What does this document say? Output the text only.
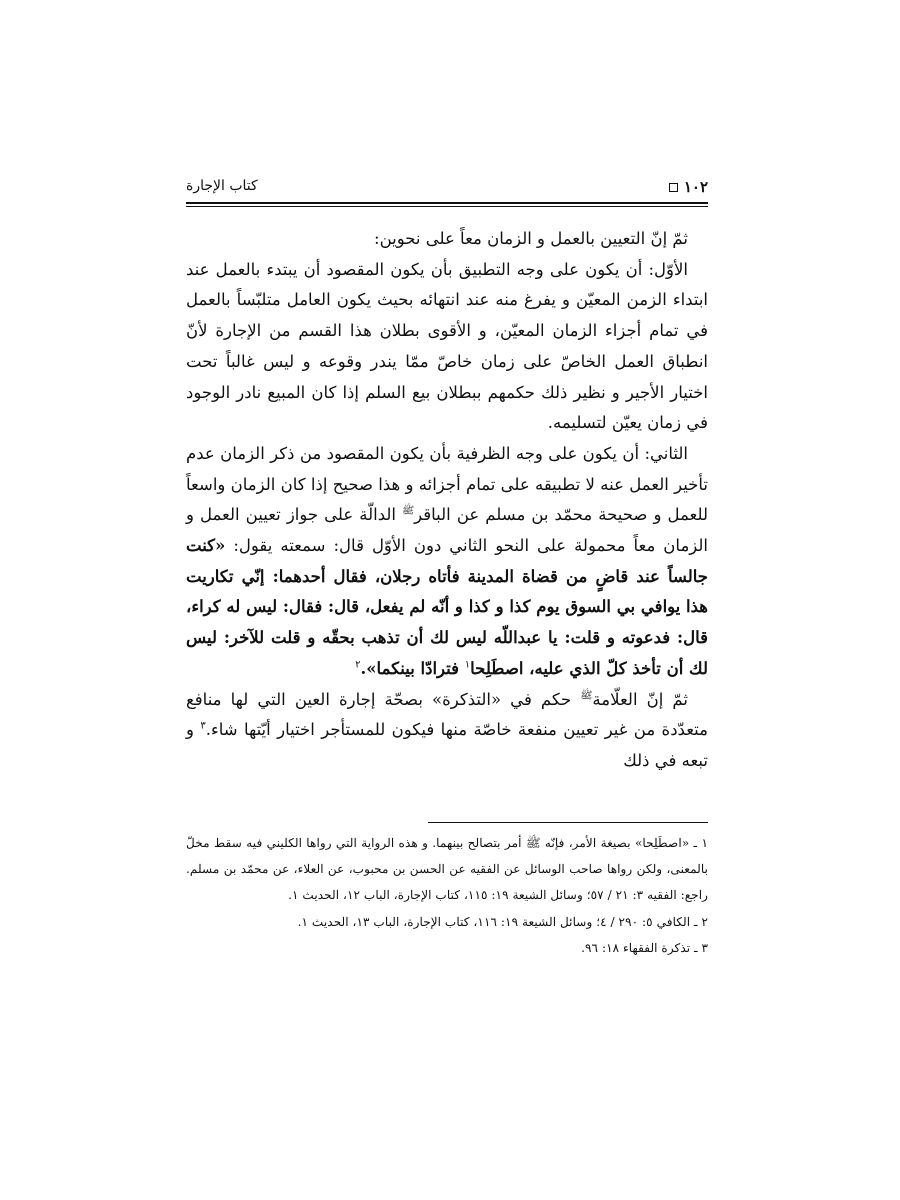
١٠٢
كتاب الإجارة

ثمّ إنّ التعيين بالعمل و الزمان معاً على نحوين:

الأوّل: أن يكون على وجه التطبيق بأن يكون المقصود أن يبتدء بالعمل عند ابتداء الزمن المعيّن و يفرغ منه عند انتهائه بحيث يكون العامل متلبّساً بالعمل في تمام أجزاء الزمان المعيّن، و الأقوى بطلان هذا القسم من الإجارة لأنّ انطباق العمل الخاصّ على زمان خاصّ ممّا يندر وقوعه و ليس غالباً تحت اختيار الأجير و نظير ذلك حكمهم ببطلان بيع السلم إذا كان المبيع نادر الوجود في زمان يعيّن لتسليمه.

الثاني: أن يكون على وجه الظرفية بأن يكون المقصود من ذكر الزمان عدم تأخير العمل عنه لا تطبيقه على تمام أجزائه و هذا صحيح إذا كان الزمان واسعاً للعمل و صحيحة محمّد بن مسلم عن الباقر$^ﷺ$ الدالّة على جواز تعيين العمل و الزمان معاً محمولة على النحو الثاني دون الأوّل قال: سمعته يقول: «كنت جالساً عند قاضٍ من قضاة المدينة فأتاه رجلان، فقال أحدهما: إنّي تكاريت هذا يوافي بي السوق يوم كذا و كذا و أنّه لم يفعل، قال: فقال: ليس له كراء، قال: فدعوته و قلت: يا عبداللّه ليس لك أن تذهب بحقّه و قلت للآخر: ليس لك أن تأخذ كلّ الذي عليه، اصطَلِحا$^١$ فترادّا بينكما».$^٢$

ثمّ إنّ العلّامة$^ﷺ$ حكم في «التذكرة» بصحّة إجارة العين التي لها منافع متعدّدة من غير تعيين منفعة خاصّة منها فيكون للمستأجر اختيار أيّتها شاء.$^٣$ و تبعه في ذلك

١ ـ «اصطَلِحا» بصيغة الأمر، فإنّه ﷺ أمر بتصالح بينهما. و هذه الرواية التي رواها الكليني فيه سقط مخلّ بالمعنى، ولكن رواها صاحب الوسائل عن الفقيه عن الحسن بن محبوب، عن العلاء، عن محمّد بن مسلم. راجع: الفقيه ٣: ٢١ / ٥٧؛ وسائل الشيعة ١٩: ١١٥، كتاب الإجارة، الباب ١٢، الحديث ١.

٢ ـ الكافي ٥: ٢٩٠ / ٤؛ وسائل الشيعة ١٩: ١١٦، كتاب الإجارة، الباب ١٣، الحديث ١.

٣ ـ تذكرة الفقهاء ١٨: ٩٦.
